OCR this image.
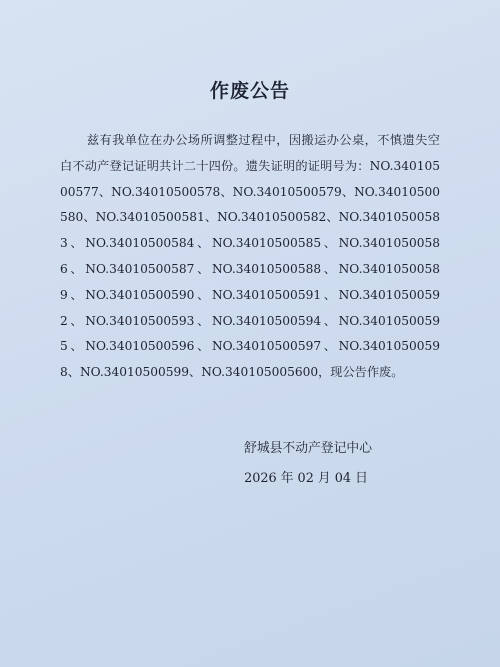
作废公告
兹有我单位在办公场所调整过程中，因搬运办公桌，不慎遗失空白不动产登记证明共计二十四份。遗失证明的证明号为：NO.34010500577、NO.34010500578、NO.34010500579、NO.34010500580、NO.34010500581、NO.34010500582、NO.34010500583、NO.34010500584、NO.34010500585、NO.34010500586、NO.34010500587、NO.34010500588、NO.34010500589、NO.34010500590、NO.34010500591、NO.34010500592、NO.34010500593、NO.34010500594、NO.34010500595、NO.34010500596、NO.34010500597、NO.34010500598、NO.34010500599、NO.340105005600，现公告作废。
舒城县不动产登记中心
2026 年 02 月 04 日
